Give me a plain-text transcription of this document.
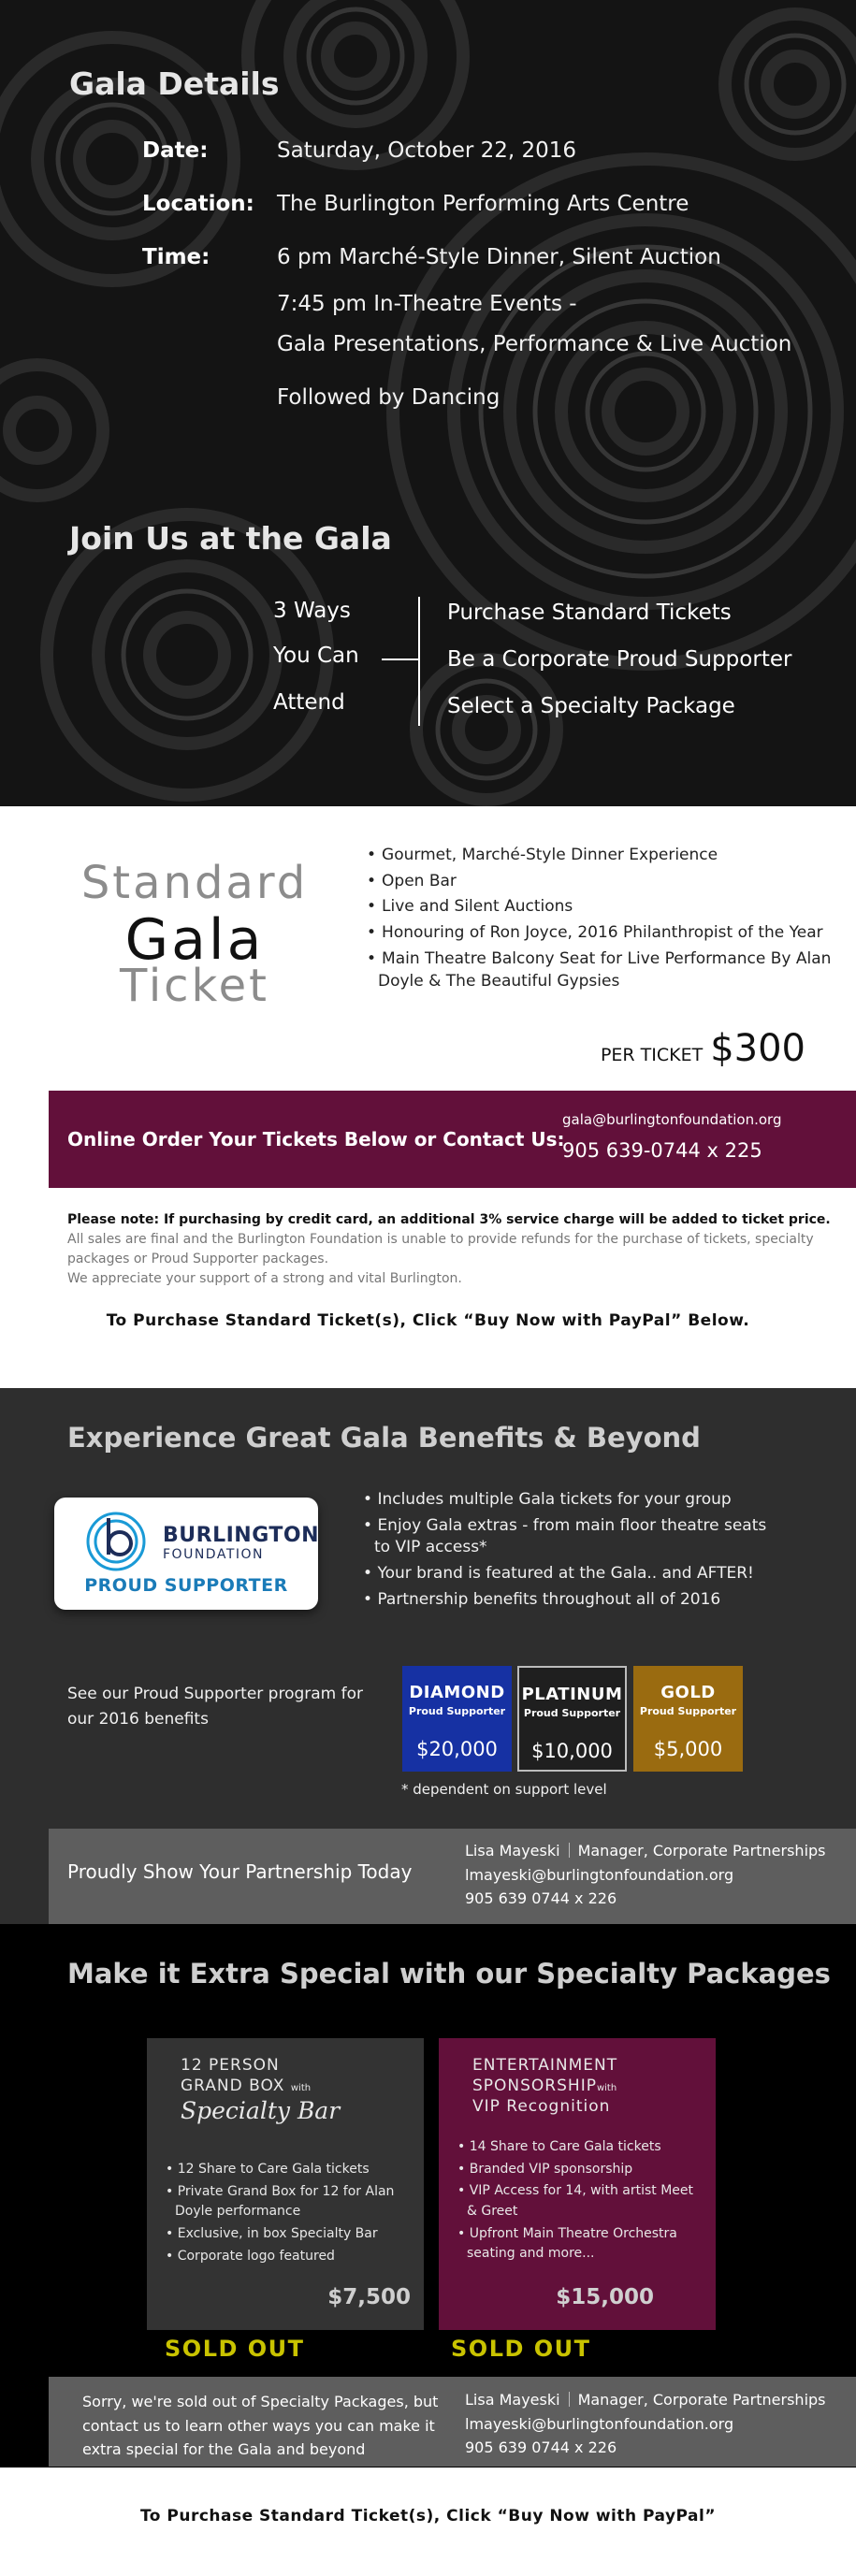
Gala Details
Date:	Saturday, October 22, 2016
Location: The Burlington Performing Arts Centre
Time:	6 pm Marché-Style Dinner, Silent Auction
7:45 pm In-Theatre Events -
Gala Presentations, Performance & Live Auction
Followed by Dancing
Join Us at the Gala
3 Ways
You Can
Attend
Purchase Standard Tickets
Be a Corporate Proud Supporter
Select a Specialty Package
Standard
Gala
Ticket
• Gourmet, Marché-Style Dinner Experience
• Open Bar
• Live and Silent Auctions
• Honouring of Ron Joyce, 2016 Philanthropist of the Year
• Main Theatre Balcony Seat for Live Performance By Alan Doyle & The Beautiful Gypsies
PER TICKET $300
Online Order Your Tickets Below or Contact Us:
gala@burlingtonfoundation.org
905 639-0744 x 225
Please note: If purchasing by credit card, an additional 3% service charge will be added to ticket price. All sales are final and the Burlington Foundation is unable to provide refunds for the purchase of tickets, specialty packages or Proud Supporter packages.
We appreciate your support of a strong and vital Burlington.
To Purchase Standard Ticket(s), Click “Buy Now with PayPal” Below.
Experience Great Gala Benefits & Beyond
BURLINGTON
FOUNDATION
PROUD SUPPORTER
• Includes multiple Gala tickets for your group
• Enjoy Gala extras - from main floor theatre seats
to VIP access*
• Your brand is featured at the Gala.. and AFTER!
• Partnership benefits throughout all of 2016
See our Proud Supporter program for our 2016 benefits
DIAMOND
Proud Supporter
$20,000
PLATINUM
Proud Supporter
$10,000
GOLD
Proud Supporter
$5,000
* dependent on support level
Proudly Show Your Partnership Today
Lisa Mayeski Manager, Corporate Partnerships
lmayeski@burlingtonfoundation.org
905 639 0744 x 226
Make it Extra Special with our Specialty Packages
12 PERSON
GRAND BOX with
Specialty Bar
• 12 Share to Care Gala tickets
• Private Grand Box for 12 for Alan Doyle performance
• Exclusive, in box Specialty Bar
• Corporate logo featured
$7,500
ENTERTAINMENT
SPONSORSHIPwith
VIP Recognition
• 14 Share to Care Gala tickets
• Branded VIP sponsorship
• VIP Access for 14, with artist Meet & Greet
• Upfront Main Theatre Orchestra seating and more...
$15,000
SOLD OUT	SOLD OUT
Sorry, we're sold out of Specialty Packages, but contact us to learn other ways you can make it extra special for the Gala and beyond
Lisa Mayeski Manager, Corporate Partnerships
lmayeski@burlingtonfoundation.org
905 639 0744 x 226
To Purchase Standard Ticket(s), Click “Buy Now with PayPal”
